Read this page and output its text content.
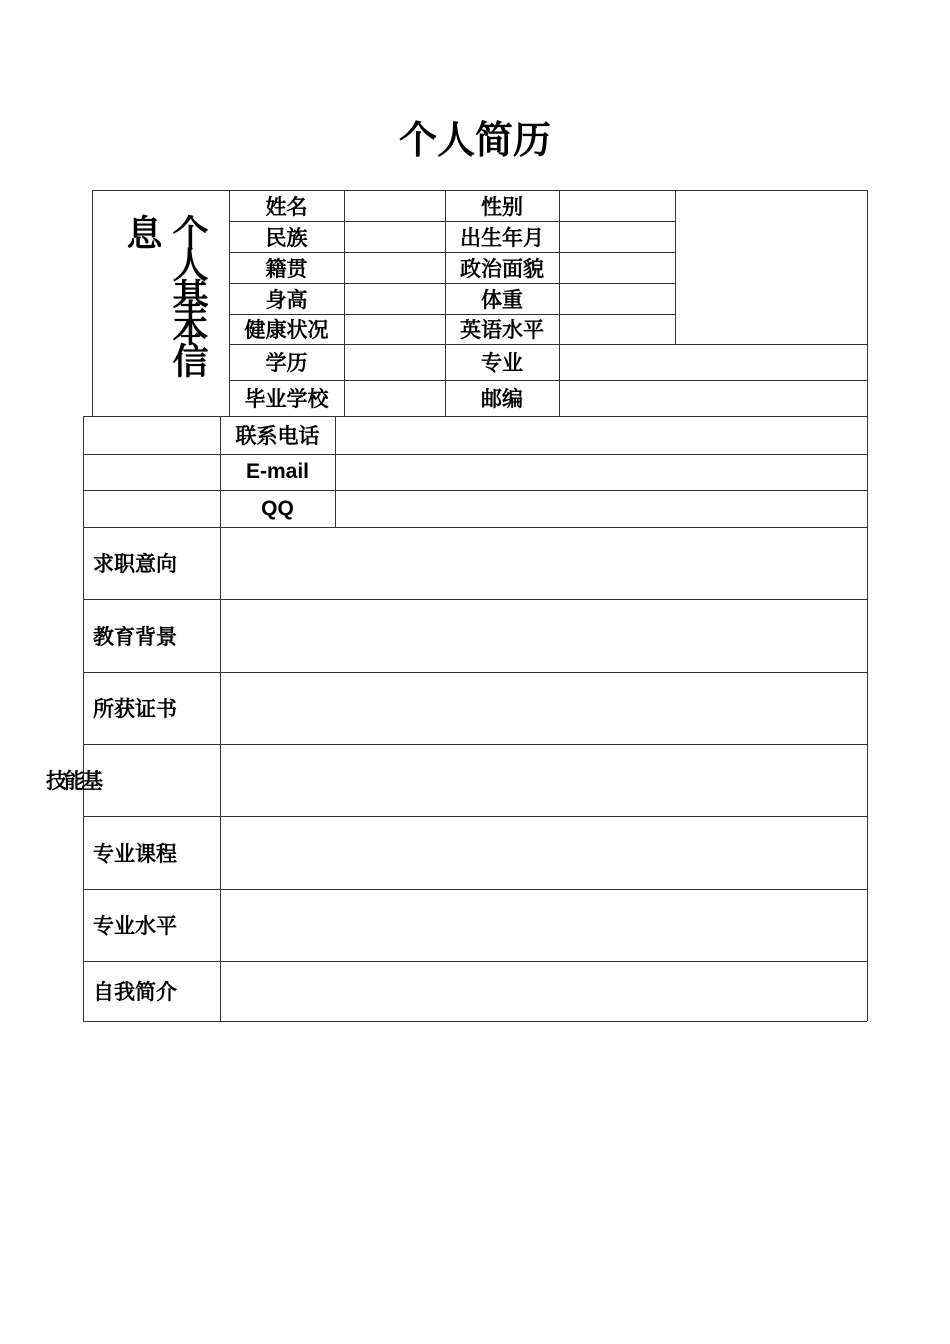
个人简历
个人基本信息
姓名	性别
民族	出生年月
籍贯	政治面貌
身高	体重
健康状况	英语水平
学历	专业
毕业学校	邮编
联系电话
E-mail
QQ
求职意向
教育背景
所获证书
技能基
专业课程
专业水平
自我简介
